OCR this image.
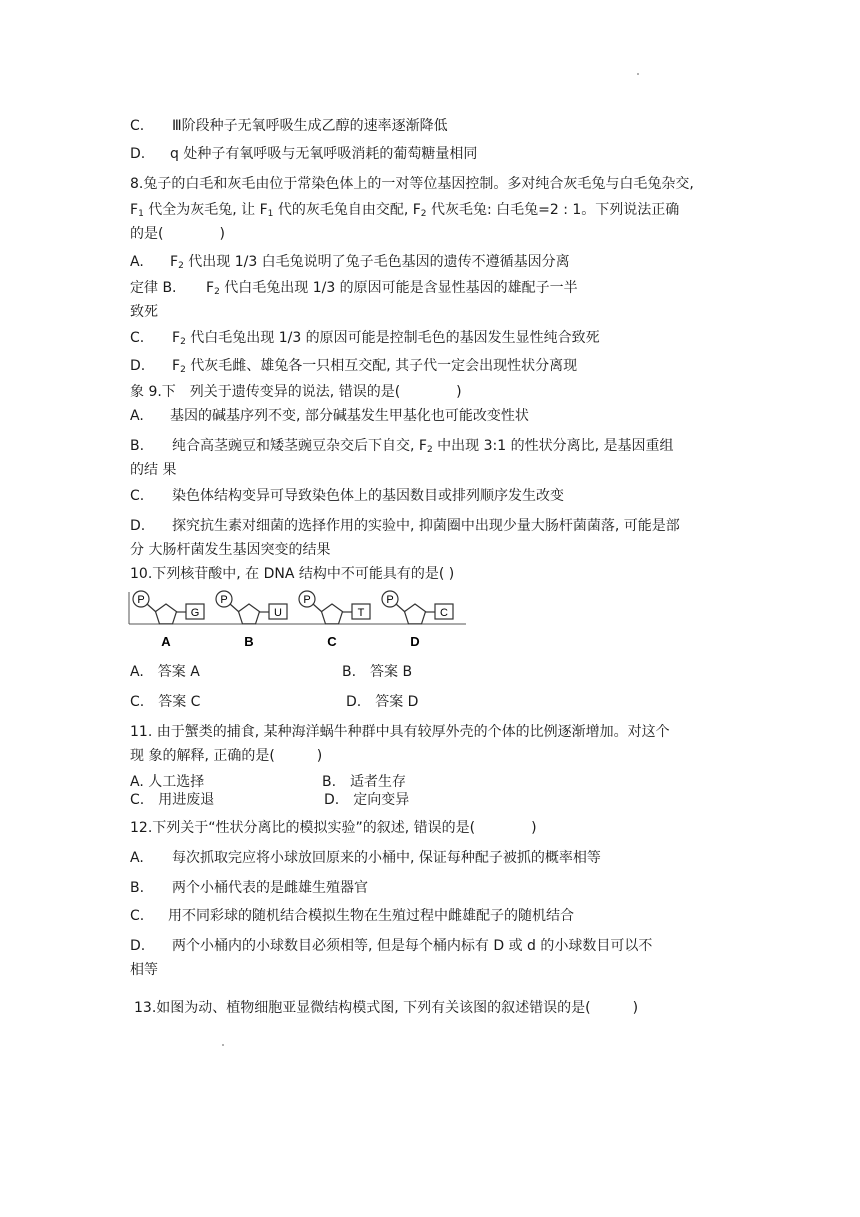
C. Ⅲ阶段种子无氧呼吸生成乙醇的速率逐渐降低
D. q 处种子有氧呼吸与无氧呼吸消耗的葡萄糖量相同
8.兔子的白毛和灰毛由位于常染色体上的一对等位基因控制。多对纯合灰毛兔与白毛兔杂交,
$F_1$ 代全为灰毛兔, 让 $F_1$ 代的灰毛兔自由交配, $F_2$ 代灰毛兔: 白毛兔=2 : 1。下列说法正确
的是(　　　　)
A. $F_2$ 代出现 1/3 白毛兔说明了兔子毛色基因的遗传不遵循基因分离
定律 B. $F_2$ 代白毛兔出现 1/3 的原因可能是含显性基因的雄配子一半
致死
C. $F_2$ 代白毛兔出现 1/3 的原因可能是控制毛色的基因发生显性纯合致死
D. $F_2$ 代灰毛雌、雄兔各一只相互交配, 其子代一定会出现性状分离现
象 9.下　列关于遗传变异的说法, 错误的是(　　　　)
A. 基因的碱基序列不变, 部分碱基发生甲基化也可能改变性状
B. 纯合高茎豌豆和矮茎豌豆杂交后下自交, $F_2$ 中出现 3:1 的性状分离比, 是基因重组
的结 果
C. 染色体结构变异可导致染色体上的基因数目或排列顺序发生改变
D. 探究抗生素对细菌的选择作用的实验中, 抑菌圈中出现少量大肠杆菌菌落, 可能是部
分 大肠杆菌发生基因突变的结果
10.下列核苷酸中, 在 DNA 结构中不可能具有的是( )
P
G
A
P
U
B
P
T
C
P
C
D
A.　答案 A	B.　答案 B
C.　答案 C	D.　答案 D
11. 由于蟹类的捕食, 某种海洋蜗牛种群中具有较厚外壳的个体的比例逐渐增加。对这个
现 象的解释, 正确的是(　　　)
A. 人工选择	B.　适者生存
C.　用进废退	D.　定向变异
12.下列关于“性状分离比的模拟实验”的叙述, 错误的是(　　　　)
A. 每次抓取完应将小球放回原来的小桶中, 保证每种配子被抓的概率相等
B. 两个小桶代表的是雌雄生殖器官
C. 用不同彩球的随机结合模拟生物在生殖过程中雌雄配子的随机结合
D. 两个小桶内的小球数目必须相等, 但是每个桶内标有 D 或 d 的小球数目可以不
相等
13.如图为动、植物细胞亚显微结构模式图, 下列有关该图的叙述错误的是(　　　)
